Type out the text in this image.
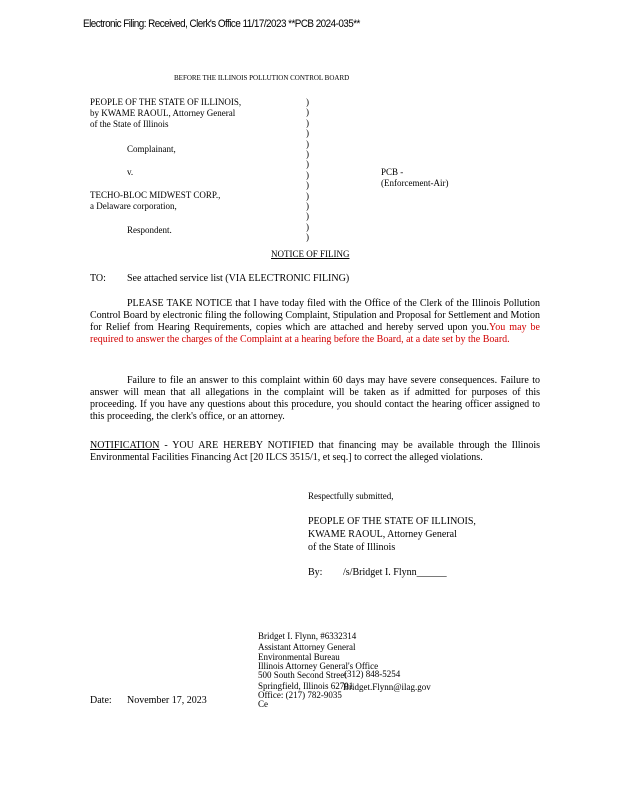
Electronic Filing: Received, Clerk's Office 11/17/2023 **PCB 2024-035**
BEFORE THE ILLINOIS POLLUTION CONTROL BOARD
PEOPLE OF THE STATE OF ILLINOIS,
by KWAME RAOUL, Attorney General
of the State of Illinois
Complainant,
v.
TECHO-BLOC MIDWEST CORP.,
a Delaware corporation,
Respondent.
)
)
)
)
)
)
)
)
)
)
)
)
)
)
PCB -
(Enforcement-Air)
NOTICE OF FILING
TO: See attached service list (VIA ELECTRONIC FILING)
PLEASE TAKE NOTICE that I have today filed with the Office of the Clerk of the Illinois Pollution Control Board by electronic filing the following Complaint, Stipulation and Proposal for Settlement and Motion for Relief from Hearing Requirements, copies which are attached and hereby served upon you.You may be required to answer the charges of the Complaint at a hearing before the Board, at a date set by the Board.
Failure to file an answer to this complaint within 60 days may have severe consequences. Failure to answer will mean that all allegations in the complaint will be taken as if admitted for purposes of this proceeding. If you have any questions about this procedure, you should contact the hearing officer assigned to this proceeding, the clerk's office, or an attorney.
NOTIFICATION - YOU ARE HEREBY NOTIFIED that financing may be available through the Illinois Environmental Facilities Financing Act [20 ILCS 3515/1, et seq.] to correct the alleged violations.
Respectfully submitted,
PEOPLE OF THE STATE OF ILLINOIS,
KWAME RAOUL, Attorney General
of the State of Illinois
By: /s/Bridget I. Flynn______
Bridget I. Flynn, #6332314
Assistant Attorney General
Environmental Bureau
Illinois Attorney General's Office
500 South Second Street
(312) 848-5254
Springfield, Illinois 62701
Bridget.Flynn@ilag.gov
Office: (217) 782-9035
Ce
Date: November 17, 2023
